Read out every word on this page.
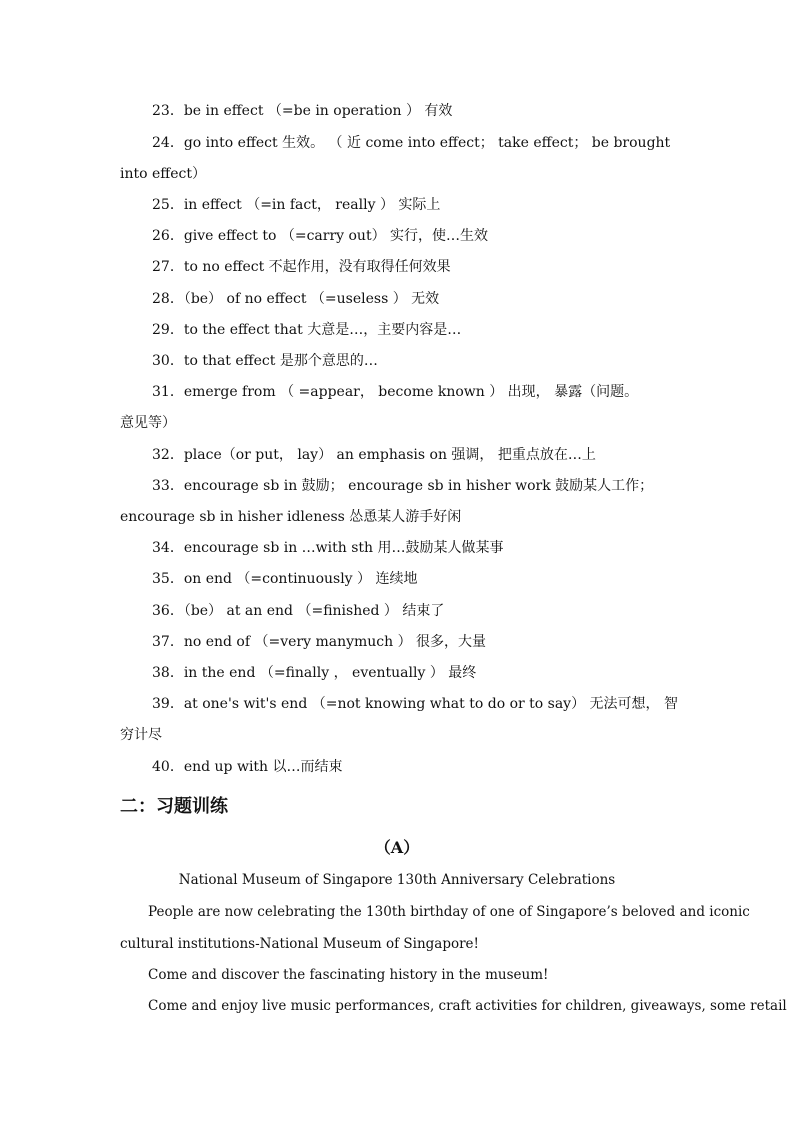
23．be in effect （=be in operation ） 有效
24．go into effect 生效。 （ 近 come into effect； take effect； be brought
into effect）
25．in effect （=in fact， really ） 实际上
26．give effect to （=carry out） 实行，使…生效
27．to no effect 不起作用，没有取得任何效果
28．（be） of no effect （=useless ） 无效
29．to the effect that 大意是…，主要内容是…
30．to that effect 是那个意思的…
31．emerge from （ =appear， become known ） 出现， 暴露（问题。
意见等）
32．place（or put， lay） an emphasis on 强调， 把重点放在…上
33．encourage sb in 鼓励； encourage sb in hisher work 鼓励某人工作；
encourage sb in hisher idleness 怂恿某人游手好闲
34．encourage sb in …with sth 用…鼓励某人做某事
35．on end （=continuously ） 连续地
36．（be） at an end （=finished ） 结束了
37．no end of （=very manymuch ） 很多，大量
38．in the end （=finally ， eventually ） 最终
39．at one's wit's end （=not knowing what to do or to say） 无法可想， 智
穷计尽
40．end up with 以…而结束
二：习题训练
（A）
National Museum of Singapore 130th Anniversary Celebrations
People are now celebrating the 130th birthday of one of Singapore’s beloved and iconic
cultural institutions-National Museum of Singapore!
Come and discover the fascinating history in the museum!
Come and enjoy live music performances, craft activities for children, giveaways, some retail
